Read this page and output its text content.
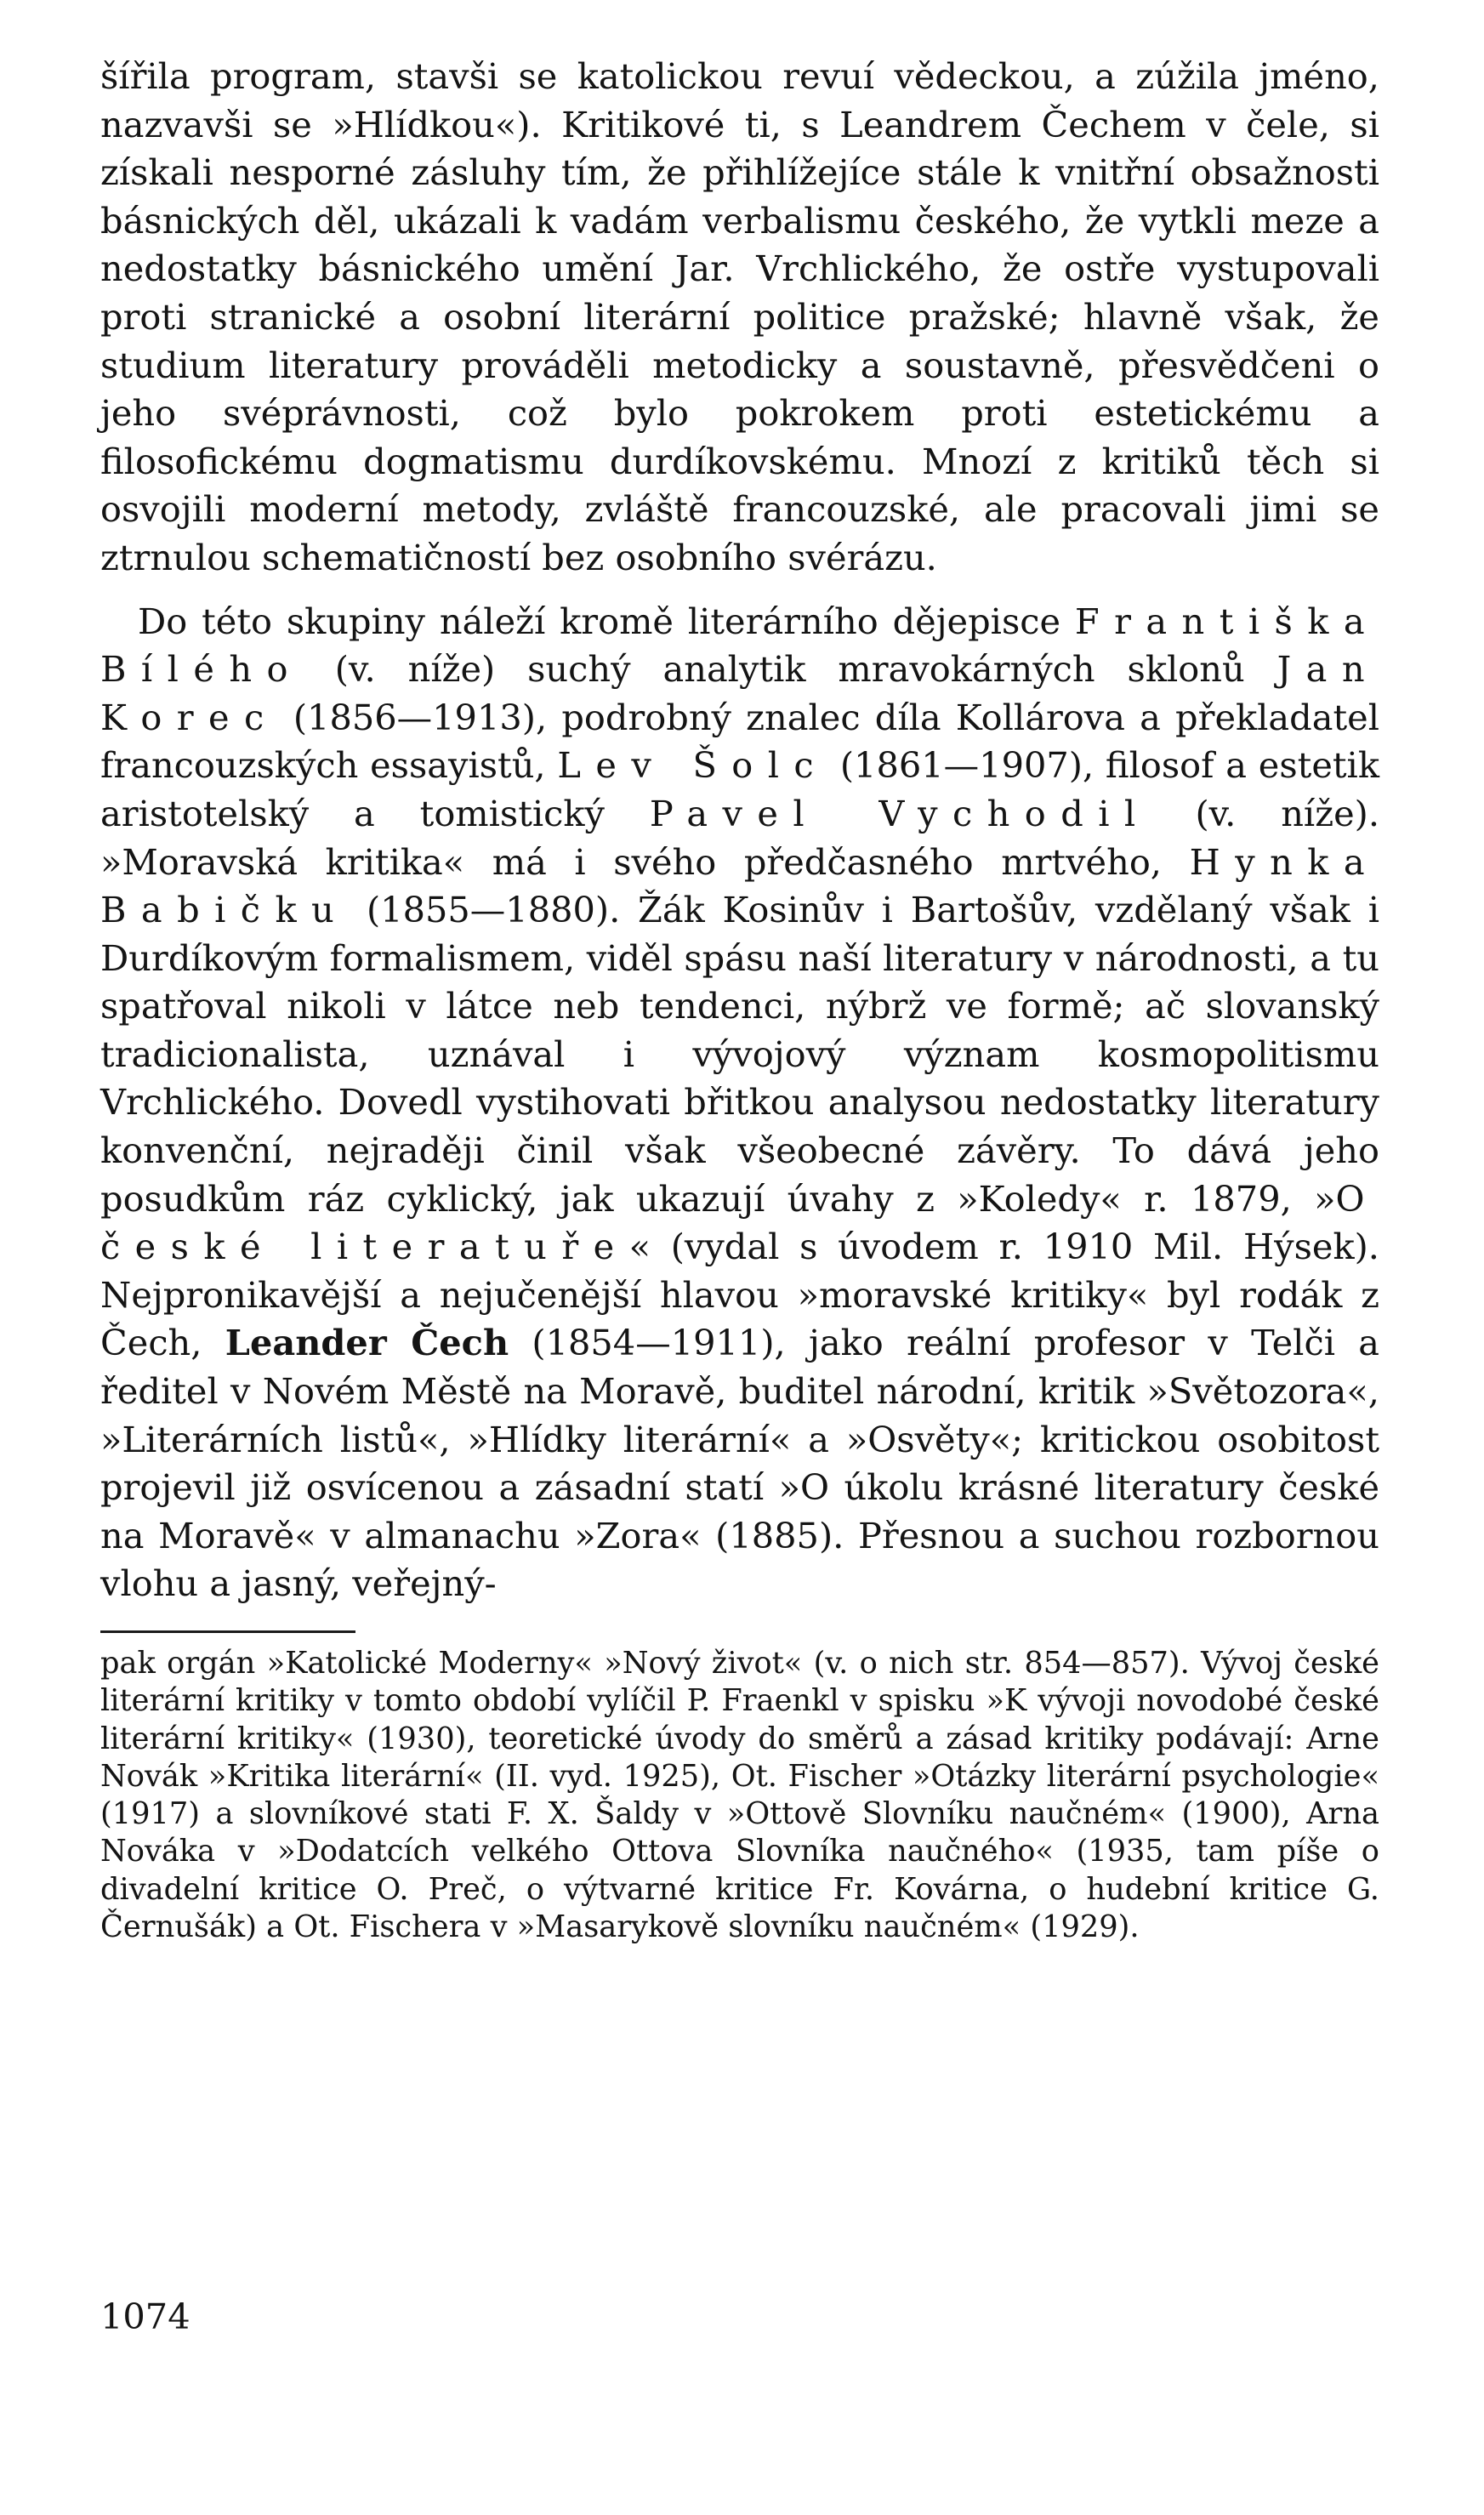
šířila program, stavši se katolickou revuí vědeckou, a zúžila jméno, nazvavši se »Hlídkou«). Kritikové ti, s Leandrem Čechem v čele, si získali nesporné zásluhy tím, že přihlížejíce stále k vnitřní obsažnosti básnických děl, ukázali k vadám verbalismu českého, že vytkli meze a nedostatky básnického umění Jar. Vrchlického, že ostře vystupovali proti stranické a osobní literární politice pražské; hlavně však, že studium literatury prováděli metodicky a soustavně, přesvědčeni o jeho svéprávnosti, což bylo pokrokem proti estetickému a filosofickému dogmatismu durdíkovskému. Mnozí z kritiků těch si osvojili moderní metody, zvláště francouzské, ale pracovali jimi se ztrnulou schematičností bez osobního svérázu.

Do této skupiny náleží kromě literárního dějepisce Františka Bílého (v. níže) suchý analytik mravokárných sklonů Jan Korec (1856—1913), podrobný znalec díla Kollárova a překladatel francouzských essayistů, Lev Šolc (1861—1907), filosof a estetik aristotelský a tomistický Pavel Vychodil (v. níže). »Moravská kritika« má i svého předčasného mrtvého, Hynka Babičku (1855—1880). Žák Kosinův i Bartošův, vzdělaný však i Durdíkovým formalismem, viděl spásu naší literatury v národnosti, a tu spatřoval nikoli v látce neb tendenci, nýbrž ve formě; ač slovanský tradicionalista, uznával i vývojový význam kosmopolitismu Vrchlického. Dovedl vystihovati břitkou analysou nedostatky literatury konvenční, nejraději činil však všeobecné závěry. To dává jeho posudkům ráz cyklický, jak ukazují úvahy z »Koledy« r. 1879, »O české literatuře« (vydal s úvodem r. 1910 Mil. Hýsek). Nejpronikavější a nejučenější hlavou »moravské kritiky« byl rodák z Čech, Leander Čech (1854—1911), jako reální profesor v Telči a ředitel v Novém Městě na Moravě, buditel národní, kritik »Světozora«, »Literárních listů«, »Hlídky literární« a »Osvěty«; kritickou osobitost projevil již osvícenou a zásadní statí »O úkolu krásné literatury české na Moravě« v almanachu »Zora« (1885). Přesnou a suchou rozbornou vlohu a jasný, veřejný-

pak orgán »Katolické Moderny« »Nový život« (v. o nich str. 854—857). Vývoj české literární kritiky v tomto období vylíčil P. Fraenkl v spisku »K vývoji novodobé české literární kritiky« (1930), teoretické úvody do směrů a zásad kritiky podávají: Arne Novák »Kritika literární« (II. vyd. 1925), Ot. Fischer »Otázky literární psychologie« (1917) a slovníkové stati F. X. Šaldy v »Ottově Slovníku naučném« (1900), Arna Nováka v »Dodatcích velkého Ottova Slovníka naučného« (1935, tam píše o divadelní kritice O. Preč, o výtvarné kritice Fr. Kovárna, o hudební kritice G. Černušák) a Ot. Fischera v »Masarykově slovníku naučném« (1929).

1074
